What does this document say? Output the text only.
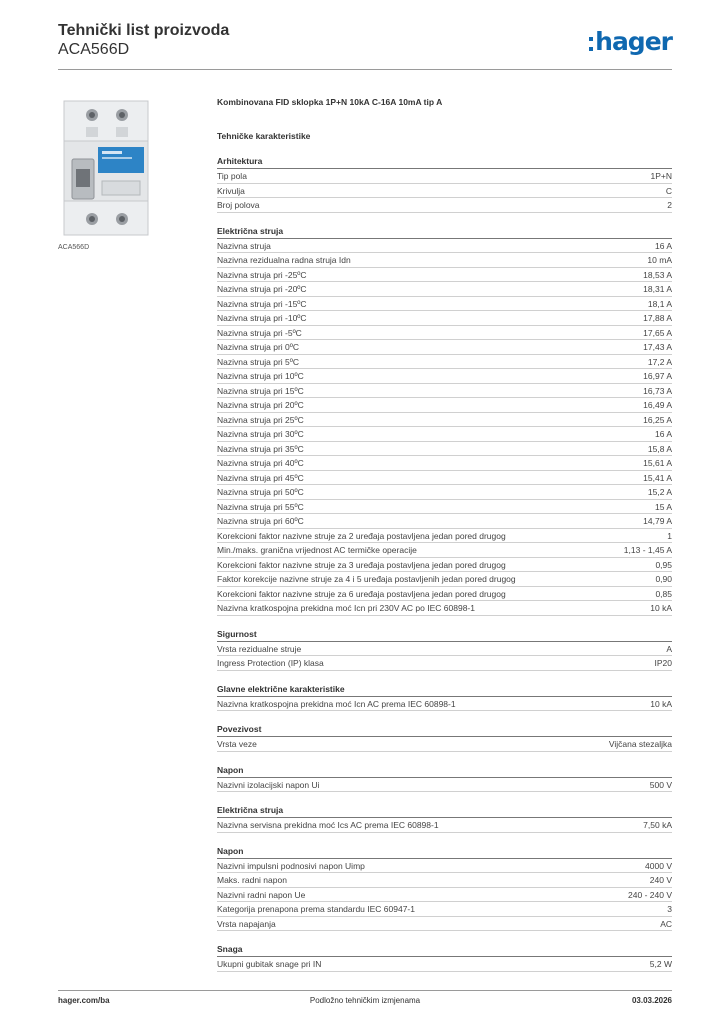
Tehnički list proizvoda
ACA566D	hager
ACA566D
Kombinovana FID sklopka 1P+N 10kA C-16A 10mA tip A
Tehničke karakteristike
Arhitektura
Tip pola	1P+N
Krivulja	C
Broj polova	2
Električna struja
Nazivna struja	16 A
Nazivna rezidualna radna struja Idn	10 mA
Nazivna struja pri -25ºC	18,53 A
Nazivna struja pri -20ºC	18,31 A
Nazivna struja pri -15ºC	18,1 A
Nazivna struja pri -10ºC	17,88 A
Nazivna struja pri -5ºC	17,65 A
Nazivna struja pri 0ºC	17,43 A
Nazivna struja pri 5ºC	17,2 A
Nazivna struja pri 10ºC	16,97 A
Nazivna struja pri 15ºC	16,73 A
Nazivna struja pri 20ºC	16,49 A
Nazivna struja pri 25ºC	16,25 A
Nazivna struja pri 30ºC	16 A
Nazivna struja pri 35ºC	15,8 A
Nazivna struja pri 40ºC	15,61 A
Nazivna struja pri 45ºC	15,41 A
Nazivna struja pri 50ºC	15,2 A
Nazivna struja pri 55ºC	15 A
Nazivna struja pri 60ºC	14,79 A
Korekcioni faktor nazivne struje za 2 uređaja postavljena jedan pored drugog	1
Min./maks. granična vrijednost AC termičke operacije	1,13 - 1,45 A
Korekcioni faktor nazivne struje za 3 uređaja postavljena jedan pored drugog	0,95
Faktor korekcije nazivne struje za 4 i 5 uređaja postavljenih jedan pored drugog	0,90
Korekcioni faktor nazivne struje za 6 uređaja postavljena jedan pored drugog	0,85
Nazivna kratkospojna prekidna moć Icn pri 230V AC po IEC 60898-1	10 kA
Sigurnost
Vrsta rezidualne struje	A
Ingress Protection (IP) klasa	IP20
Glavne električne karakteristike
Nazivna kratkospojna prekidna moć Icn AC prema IEC 60898-1	10 kA
Povezivost
Vrsta veze	Vijčana stezaljka
Napon
Nazivni izolacijski napon Ui	500 V
Električna struja
Nazivna servisna prekidna moć Ics AC prema IEC 60898-1	7,50 kA
Napon
Nazivni impulsni podnosivi napon Uimp	4000 V
Maks. radni napon	240 V
Nazivni radni napon Ue	240 - 240 V
Kategorija prenapona prema standardu IEC 60947-1	3
Vrsta napajanja	AC
Snaga
Ukupni gubitak snage pri IN	5,2 W
hager.com/ba	Podložno tehničkim izmjenama	03.03.2026
